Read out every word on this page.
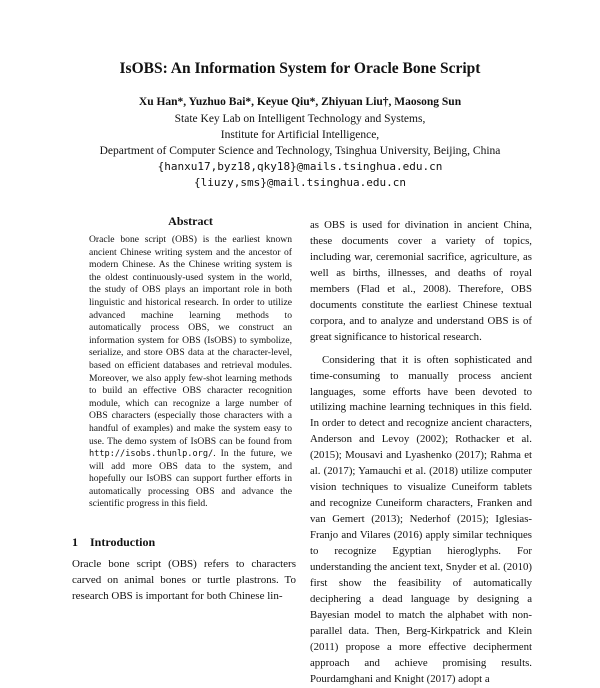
IsOBS: An Information System for Oracle Bone Script
Xu Han*, Yuzhuo Bai*, Keyue Qiu*, Zhiyuan Liu†, Maosong Sun
State Key Lab on Intelligent Technology and Systems,
Institute for Artificial Intelligence,
Department of Computer Science and Technology, Tsinghua University, Beijing, China
{hanxu17,byz18,qky18}@mails.tsinghua.edu.cn
{liuzy,sms}@mail.tsinghua.edu.cn
Abstract
Oracle bone script (OBS) is the earliest known ancient Chinese writing system and the ancestor of modern Chinese. As the Chinese writing system is the oldest continuously-used system in the world, the study of OBS plays an important role in both linguistic and historical research. In order to utilize advanced machine learning methods to automatically process OBS, we construct an information system for OBS (IsOBS) to symbolize, serialize, and store OBS data at the character-level, based on efficient databases and retrieval modules. Moreover, we also apply few-shot learning methods to build an effective OBS character recognition module, which can recognize a large number of OBS characters (especially those characters with a handful of examples) and make the system easy to use. The demo system of IsOBS can be found from http://isobs.thunlp.org/. In the future, we will add more OBS data to the system, and hopefully our IsOBS can support further efforts in automatically processing OBS and advance the scientific progress in this field.
1 Introduction
Oracle bone script (OBS) refers to characters carved on animal bones or turtle plastrons. To research OBS is important for both Chinese lin-

as OBS is used for divination in ancient China, these documents cover a variety of topics, including war, ceremonial sacrifice, agriculture, as well as births, illnesses, and deaths of royal members (Flad et al., 2008). Therefore, OBS documents constitute the earliest Chinese textual corpora, and to analyze and understand OBS is of great significance to historical research.

Considering that it is often sophisticated and time-consuming to manually process ancient languages, some efforts have been devoted to utilizing machine learning techniques in this field. In order to detect and recognize ancient characters, Anderson and Levoy (2002); Rothacker et al. (2015); Mousavi and Lyashenko (2017); Rahma et al. (2017); Yamauchi et al. (2018) utilize computer vision techniques to visualize Cuneiform tablets and recognize Cuneiform characters, Franken and van Gemert (2013); Nederhof (2015); Iglesias-Franjo and Vilares (2016) apply similar techniques to recognize Egyptian hieroglyphs. For understanding the ancient text, Snyder et al. (2010) first show the feasibility of automatically deciphering a dead language by designing a Bayesian model to match the alphabet with non-parallel data. Then, Berg-Kirkpatrick and Klein (2011) propose a more effective decipherment approach and achieve promising results. Pourdamghani and Knight (2017) adopt a
